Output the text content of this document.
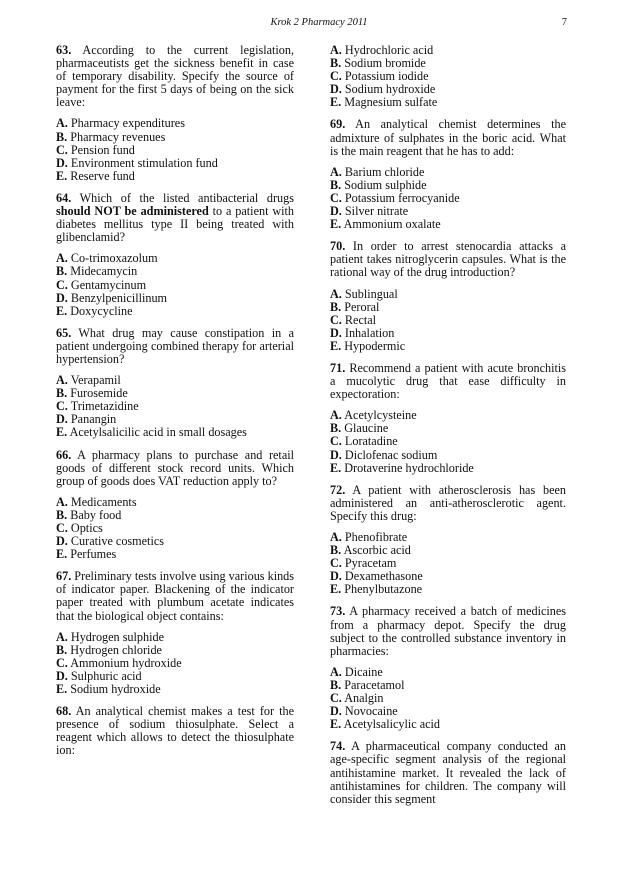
Krok 2 Pharmacy 2011	7

63. According to the current legislation, pharmaceutists get the sickness benefit in case of temporary disability. Specify the source of payment for the first 5 days of being on the sick leave:

A. Pharmacy expenditures
B. Pharmacy revenues
C. Pension fund
D. Environment stimulation fund
E. Reserve fund

64. Which of the listed antibacterial drugs should NOT be administered to a patient with diabetes mellitus type II being treated with glibenclamid?

A. Co-trimoxazolum
B. Midecamycin
C. Gentamycinum
D. Benzylpenicillinum
E. Doxycycline

65. What drug may cause constipation in a patient undergoing combined therapy for arterial hypertension?

A. Verapamil
B. Furosemide
C. Trimetazidine
D. Panangin
E. Acetylsalicilic acid in small dosages

66. A pharmacy plans to purchase and retail goods of different stock record units. Which group of goods does VAT reduction apply to?

A. Medicaments
B. Baby food
C. Optics
D. Curative cosmetics
E. Perfumes

67. Preliminary tests involve using various kinds of indicator paper. Blackening of the indicator paper treated with plumbum acetate indicates that the biological object contains:

A. Hydrogen sulphide
B. Hydrogen chloride
C. Ammonium hydroxide
D. Sulphuric acid
E. Sodium hydroxide

68. An analytical chemist makes a test for the presence of sodium thiosulphate. Select a reagent which allows to detect the thiosulphate ion:

A. Hydrochloric acid
B. Sodium bromide
C. Potassium iodide
D. Sodium hydroxide
E. Magnesium sulfate

69. An analytical chemist determines the admixture of sulphates in the boric acid. What is the main reagent that he has to add:

A. Barium chloride
B. Sodium sulphide
C. Potassium ferrocyanide
D. Silver nitrate
E. Ammonium oxalate

70. In order to arrest stenocardia attacks a patient takes nitroglycerin capsules. What is the rational way of the drug introduction?

A. Sublingual
B. Peroral
C. Rectal
D. Inhalation
E. Hypodermic

71. Recommend a patient with acute bronchitis a mucolytic drug that ease difficulty in expectoration:

A. Acetylcysteine
B. Glaucine
C. Loratadine
D. Diclofenac sodium
E. Drotaverine hydrochloride

72. A patient with atherosclerosis has been administered an anti-atherosclerotic agent. Specify this drug:

A. Phenofibrate
B. Ascorbic acid
C. Pyracetam
D. Dexamethasone
E. Phenylbutazone

73. A pharmacy received a batch of medicines from a pharmacy depot. Specify the drug subject to the controlled substance inventory in pharmacies:

A. Dicaine
B. Paracetamol
C. Analgin
D. Novocaine
E. Acetylsalicylic acid

74. A pharmaceutical company conducted an age-specific segment analysis of the regional antihistamine market. It revealed the lack of antihistamines for children. The company will consider this segment
